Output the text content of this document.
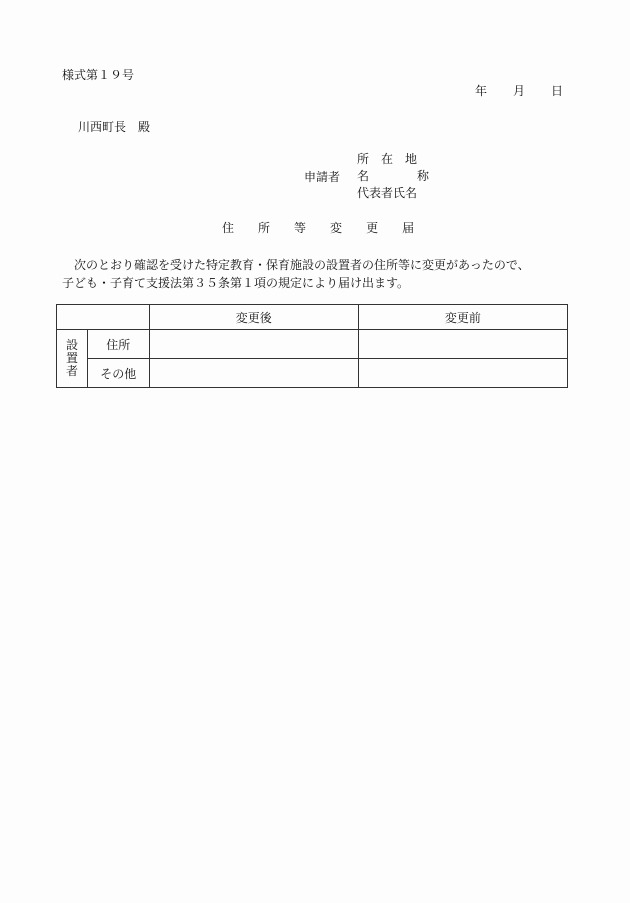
様式第１９号
年 月 日
川西町長　殿
申請者
所　在　地
名　　　　称
代表者氏名
住 所 等 変 更 届

次のとおり確認を受けた特定教育・保育施設の設置者の住所等に変更があったので、

子ども・子育て支援法第３５条第１項の規定により届け出ます。

		変更後	変更前
設置者	住所		
	その他		
